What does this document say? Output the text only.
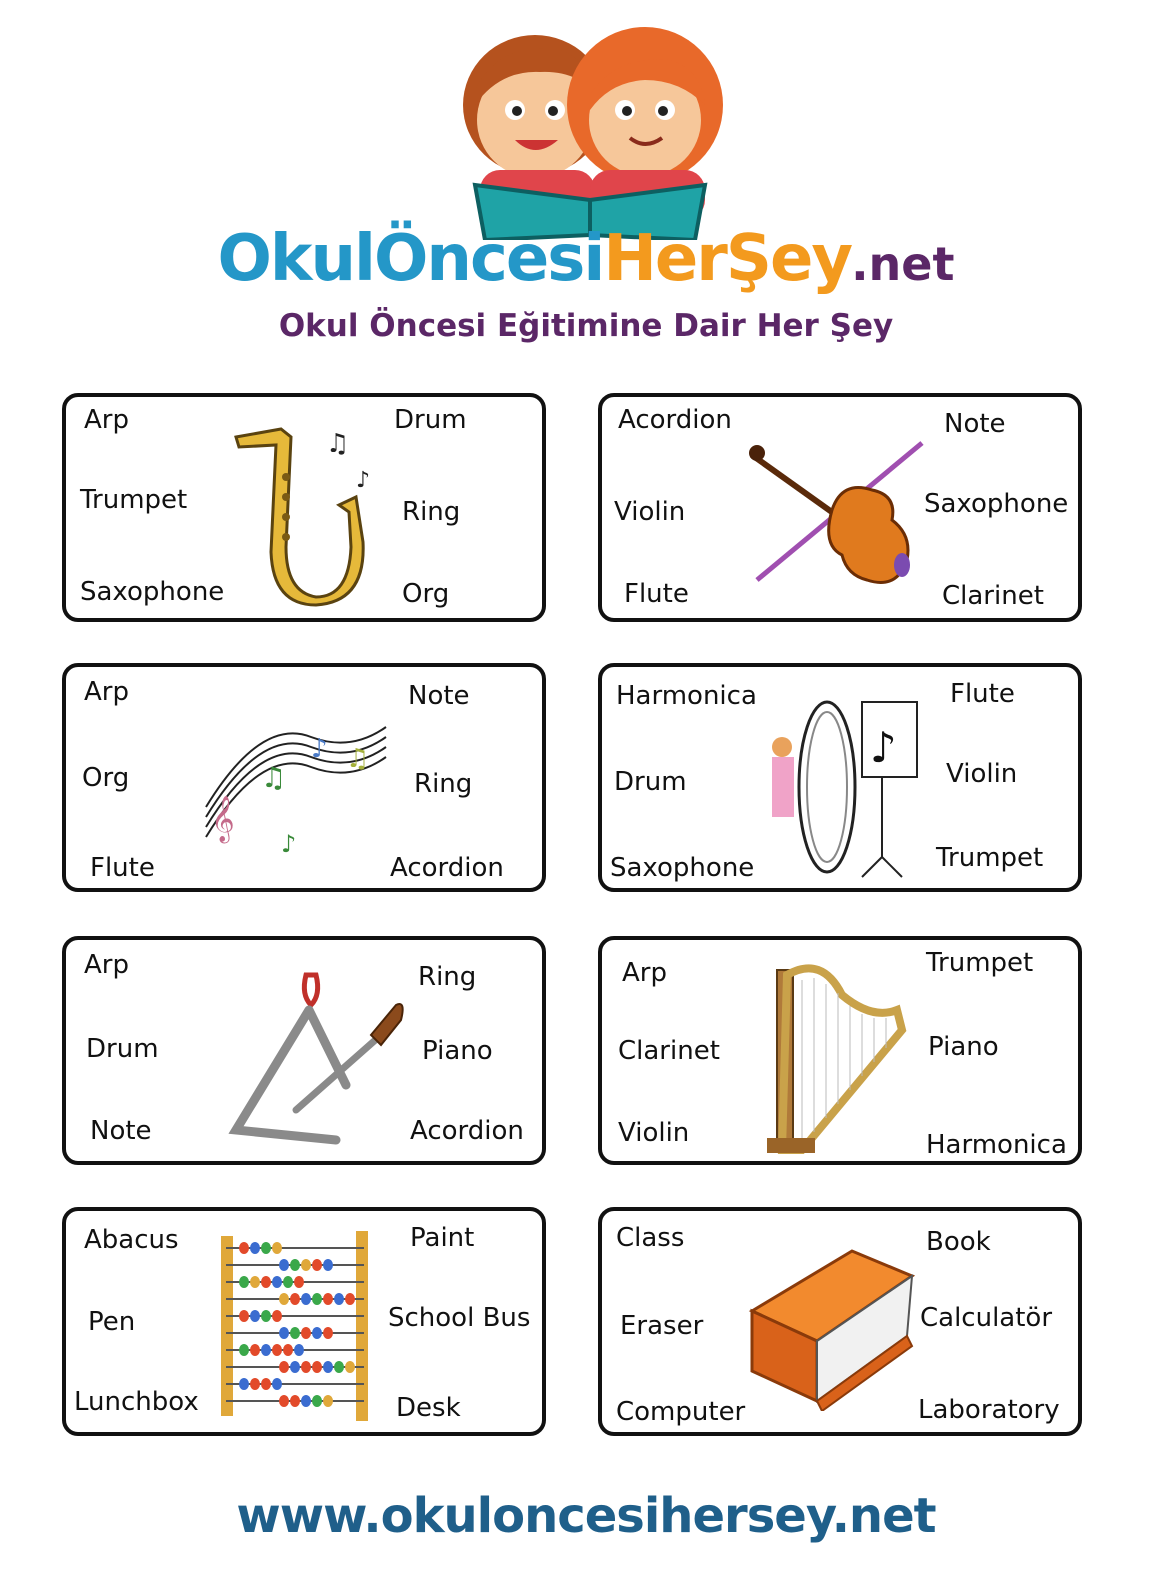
OkulÖncesiHerŞey.net
Okul Öncesi Eğitimine Dair Her Şey
Arp
Trumpet
Saxophone
Drum
Ring
Org
♫
♪
Acordion
Violin
Flute
Note
Saxophone
Clarinet
Arp
Org
Flute
Note
Ring
Acordion
𝄞
♫
♪ ♫
♪
Harmonica
Drum
Saxophone
Flute
Violin
Trumpet
♪
Arp
Drum
Note
Ring
Piano
Acordion
Arp
Clarinet
Violin
Trumpet
Piano
Harmonica
Abacus
Pen
Lunchbox
Paint
School Bus
Desk
Class
Eraser
Computer
Book
Calculatör
Laboratory
www.okuloncesihersey.net
